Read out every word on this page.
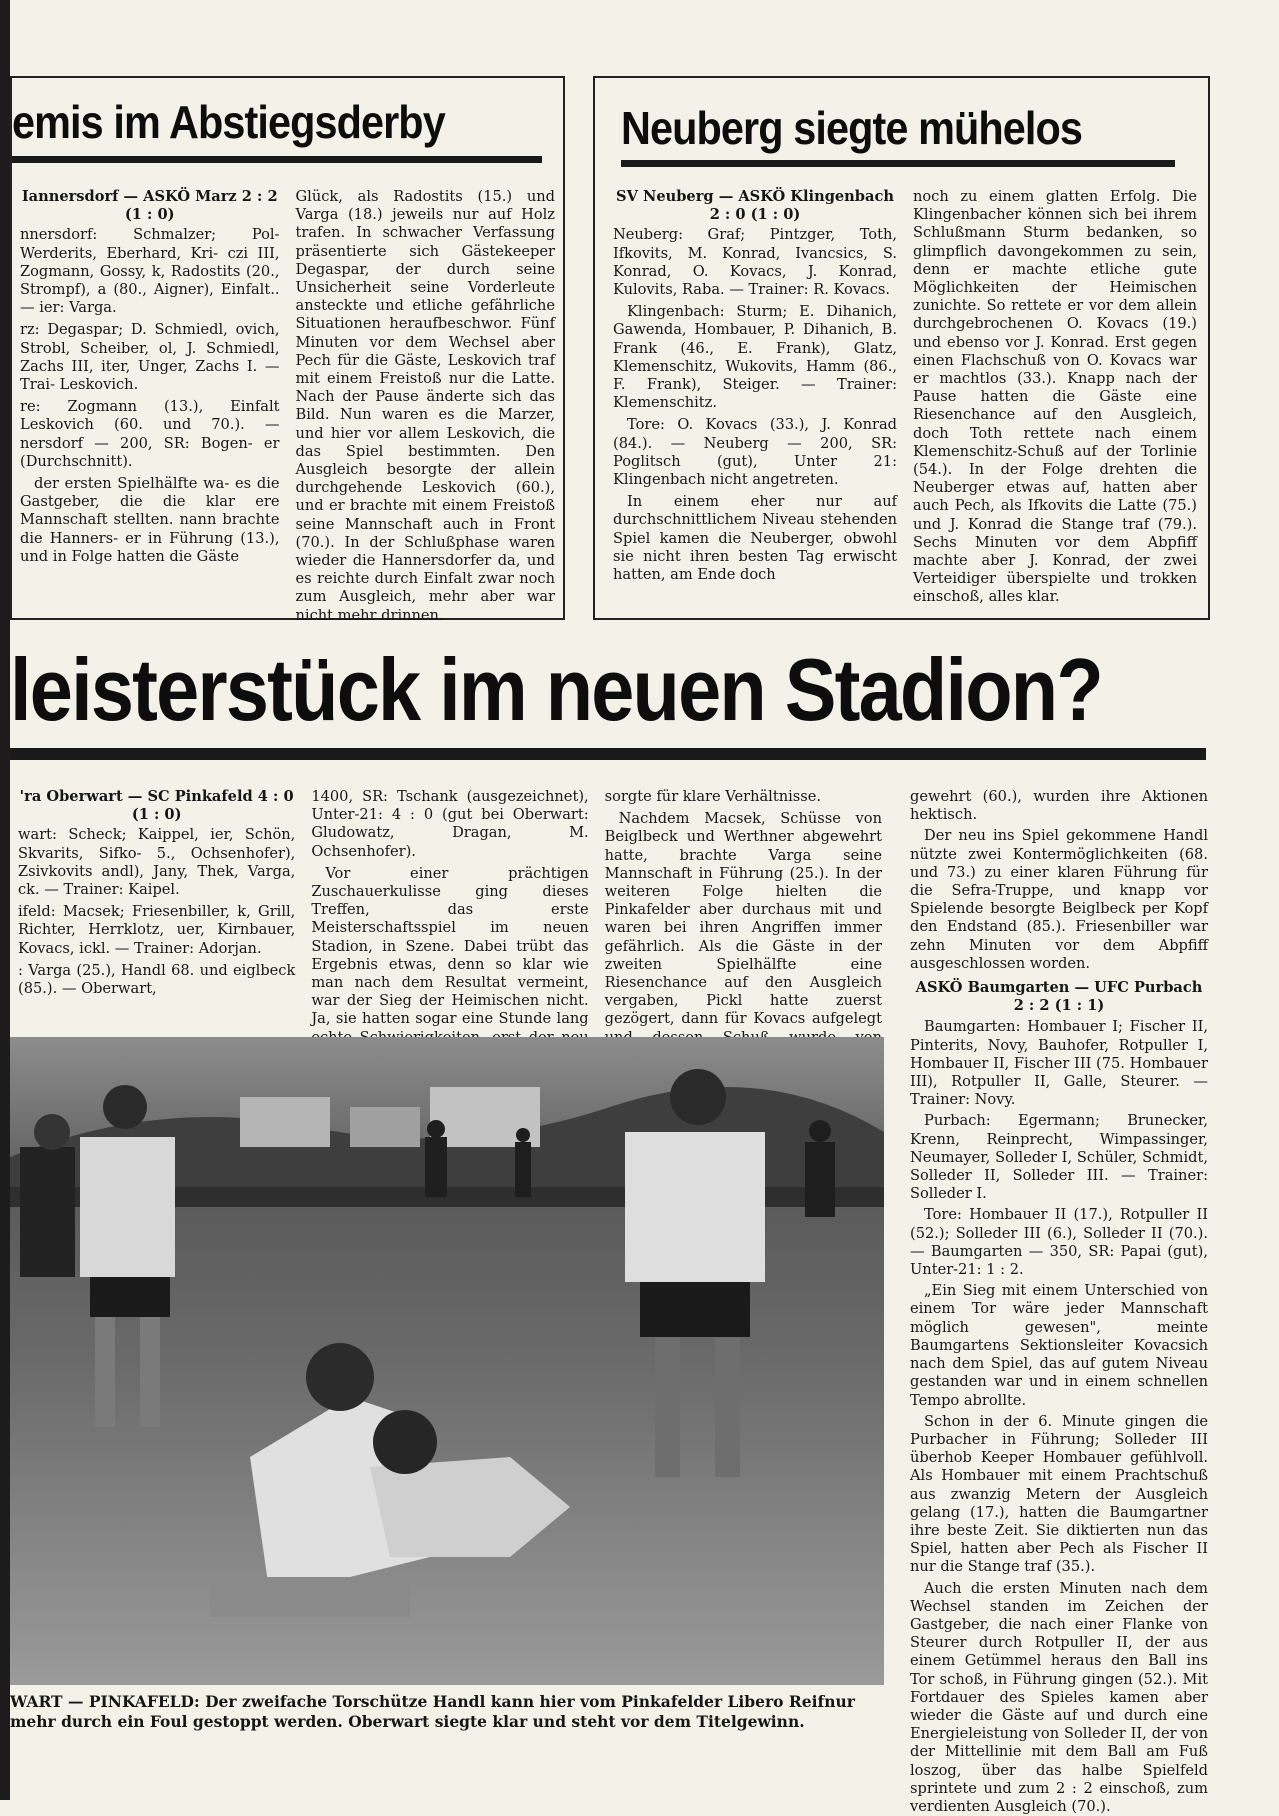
emis im Abstiegsderby

Iannersdorf — ASKÖ Marz 2 : 2 (1 : 0)

nnersdorf: Schmalzer; Pol- Werderits, Eberhard, Kri- czi III, Zogmann, Gossy, k, Radostits (20., Strompf), a (80., Aigner), Einfalt.. — ier: Varga.

rz: Degaspar; D. Schmiedl, ovich, Strobl, Scheiber, ol, J. Schmiedl, Zachs III, iter, Unger, Zachs I. — Trai- Leskovich.

re: Zogmann (13.), Einfalt Leskovich (60. und 70.). — nersdorf — 200, SR: Bogen- er (Durchschnitt).

der ersten Spielhälfte wa- es die Gastgeber, die die klar ere Mannschaft stellten. nann brachte die Hanners- er in Führung (13.), und in Folge hatten die Gäste

Glück, als Radostits (15.) und Varga (18.) jeweils nur auf Holz trafen. In schwacher Verfassung präsentierte sich Gästekeeper Degaspar, der durch seine Unsicherheit seine Vorderleute ansteckte und etliche gefährliche Situationen heraufbeschwor. Fünf Minuten vor dem Wechsel aber Pech für die Gäste, Leskovich traf mit einem Freistoß nur die Latte. Nach der Pause änderte sich das Bild. Nun waren es die Marzer, und hier vor allem Leskovich, die das Spiel bestimmten. Den Ausgleich besorgte der allein durchgehende Leskovich (60.), und er brachte mit einem Freistoß seine Mannschaft auch in Front (70.). In der Schlußphase waren wieder die Hannersdorfer da, und es reichte durch Einfalt zwar noch zum Ausgleich, mehr aber war nicht mehr drinnen.

Neuberg siegte mühelos

SV Neuberg — ASKÖ Klingenbach 2 : 0 (1 : 0)

Neuberg: Graf; Pintzger, Toth, Ifkovits, M. Konrad, Ivancsics, S. Konrad, O. Kovacs, J. Konrad, Kulovits, Raba. — Trainer: R. Kovacs.

Klingenbach: Sturm; E. Dihanich, Gawenda, Hombauer, P. Dihanich, B. Frank (46., E. Frank), Glatz, Klemenschitz, Wukovits, Hamm (86., F. Frank), Steiger. — Trainer: Klemenschitz.

Tore: O. Kovacs (33.), J. Konrad (84.). — Neuberg — 200, SR: Poglitsch (gut), Unter 21: Klingenbach nicht angetreten.

In einem eher nur auf durchschnittlichem Niveau stehenden Spiel kamen die Neuberger, obwohl sie nicht ihren besten Tag erwischt hatten, am Ende doch

noch zu einem glatten Erfolg. Die Klingenbacher können sich bei ihrem Schlußmann Sturm bedanken, so glimpflich davongekommen zu sein, denn er machte etliche gute Möglichkeiten der Heimischen zunichte. So rettete er vor dem allein durchgebrochenen O. Kovacs (19.) und ebenso vor J. Konrad. Erst gegen einen Flachschuß von O. Kovacs war er machtlos (33.). Knapp nach der Pause hatten die Gäste eine Riesenchance auf den Ausgleich, doch Toth rettete nach einem Klemenschitz-Schuß auf der Torlinie (54.). In der Folge drehten die Neuberger etwas auf, hatten aber auch Pech, als Ifkovits die Latte (75.) und J. Konrad die Stange traf (79.). Sechs Minuten vor dem Abpfiff machte aber J. Konrad, der zwei Verteidiger überspielte und trokken einschoß, alles klar.

leisterstück im neuen Stadion?

'ra Oberwart — SC Pinkafeld 4 : 0 (1 : 0)

wart: Scheck; Kaippel, ier, Schön, Skvarits, Sifko- 5., Ochsenhofer), Zsivkovits andl), Jany, Thek, Varga, ck. — Trainer: Kaipel.

ifeld: Macsek; Friesenbiller, k, Grill, Richter, Herrklotz, uer, Kirnbauer, Kovacs, ickl. — Trainer: Adorjan.

: Varga (25.), Handl 68. und eiglbeck (85.). — Oberwart,

1400, SR: Tschank (ausgezeichnet), Unter-21: 4 : 0 (gut bei Oberwart: Gludowatz, Dragan, M. Ochsenhofer).

Vor einer prächtigen Zuschauerkulisse ging dieses Treffen, das erste Meisterschaftsspiel im neuen Stadion, in Szene. Dabei trübt das Ergebnis etwas, denn so klar wie man nach dem Resultat vermeint, war der Sieg der Heimischen nicht. Ja, sie hatten sogar eine Stunde lang

sorgte für klare Verhältnisse.

Nachdem Macsek, Schüsse von Beiglbeck und Werthner abgewehrt hatte, brachte Varga seine Mannschaft in Führung (25.). In der weiteren Folge hielten die Pinkafelder aber durchaus mit und waren bei ihren Angriffen immer gefährlich. Als die Gäste in der zweiten Spielhälfte eine Riesenchance auf den Ausgleich vergaben, Pickl hatte zuerst gezögert, dann für Kovacs aufgelegt

WART — PINKAFELD: Der zweifache Torschütze Handl kann hier vom Pinkafelder Libero Reifnur mehr durch ein Foul gestoppt werden. Oberwart siegte klar und steht vor dem Titelgewinn.

gewehrt (60.), wurden ihre Aktionen hektisch.

Der neu ins Spiel gekommene Handl nützte zwei Kontermöglichkeiten (68. und 73.) zu einer klaren Führung für die Sefra-Truppe, und knapp vor Spielende besorgte Beiglbeck per Kopf den Endstand (85.). Friesenbiller war zehn Minuten vor dem Abpfiff ausgeschlossen worden.

ASKÖ Baumgarten — UFC Purbach 2 : 2 (1 : 1)

Baumgarten: Hombauer I; Fischer II, Pinterits, Novy, Bauhofer, Rotpuller I, Hombauer II, Fischer III (75. Hombauer III), Rotpuller II, Galle, Steurer. — Trainer: Novy.

Purbach: Egermann; Brunecker, Krenn, Reinprecht, Wimpassinger, Neumayer, Solleder I, Schüler, Schmidt, Solleder II, Solleder III. — Trainer: Solleder I.

Tore: Hombauer II (17.), Rotpuller II (52.); Solleder III (6.), Solleder II (70.). — Baumgarten — 350, SR: Papai (gut), Unter-21: 1 : 2.

„Ein Sieg mit einem Unterschied von einem Tor wäre jeder Mannschaft möglich gewesen", meinte Baumgartens Sektionsleiter Kovacsich nach dem Spiel, das auf gutem Niveau gestanden war und in einem schnellen Tempo abrollte.

Schon in der 6. Minute gingen die Purbacher in Führung; Solleder III überhob Keeper Hombauer gefühlvoll. Als Hombauer mit einem Prachtschuß aus zwanzig Metern der Ausgleich gelang (17.), hatten die Baumgartner ihre beste Zeit. Sie diktierten nun das Spiel, hatten aber Pech als Fischer II nur die Stange traf (35.).

Auch die ersten Minuten nach dem Wechsel standen im Zeichen der Gastgeber, die nach einer Flanke von Steurer durch Rotpuller II, der aus einem Getümmel heraus den Ball ins Tor schoß, in Führung gingen (52.). Mit Fortdauer des Spieles kamen aber wieder die Gäste auf und durch eine Energieleistung von Solleder II, der von der Mittellinie mit dem Ball am Fuß loszog, über das halbe Spielfeld sprintete und zum 2 : 2 einschoß, zum verdienten Ausgleich (70.).
